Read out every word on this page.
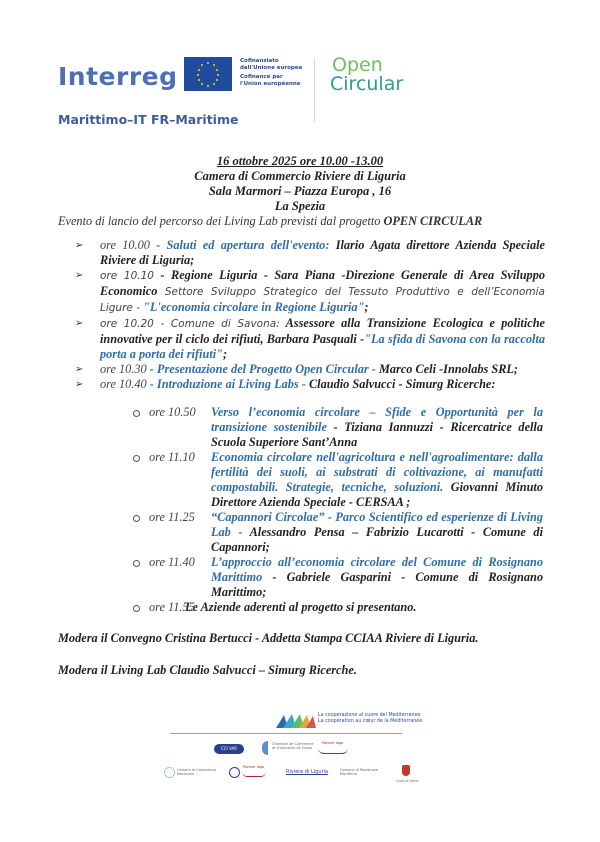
Interreg
Cofinanziato
dall'Unione europea
Cofinancé par
l'Union européenne
Open
Circular
Marittimo–IT FR–Maritime
16 ottobre 2025 ore 10.00 -13.00
Camera di Commercio Riviere di Liguria
Sala Marmori – Piazza Europa , 16
La Spezia
Evento di lancio del percorso dei Living Lab previsti dal progetto OPEN CIRCULAR
➢ ore 10.00 - Saluti ed apertura dell'evento: Ilario Agata direttore Azienda Speciale Riviere di Liguria;
➢ ore 10.10 - Regione Liguria - Sara Piana -Direzione Generale di Area Sviluppo Economico Settore Sviluppo Strategico del Tessuto Produttivo e dell’Economia Ligure - "L'economia circolare in Regione Liguria";
➢ ore 10.20 - Comune di Savona: Assessore alla Transizione Ecologica e politiche innovative per il ciclo dei rifiuti, Barbara Pasquali -"La sfida di Savona con la raccolta porta a porta dei rifiuti";
➢ ore 10.30 - Presentazione del Progetto Open Circular - Marco Celi -Innolabs SRL;
➢ ore 10.40 - Introduzione ai Living Labs - Claudio Salvucci - Simurg Ricerche:
ore 10.50 Verso l’economia circolare – Sfide e Opportunità per la transizione sostenibile - Tiziana Iannuzzi - Ricercatrice della Scuola Superiore Sant’Anna
ore 11.10 Economia circolare nell'agricoltura e nell'agroalimentare: dalla fertilità dei suoli, ai substrati di coltivazione, ai manufatti compostabili. Strategie, tecniche, soluzioni. Giovanni Minuto Direttore Azienda Speciale - CERSAA ;
ore 11.25 “Capannori Circolae” - Parco Scientifico ed esperienze di Living Lab - Alessandro Pensa – Fabrizio Lucarotti - Comune di Capannori;
ore 11.40 L’approccio all’economia circolare del Comune di Rosignano Marittimo - Gabriele Gasparini - Comune di Rosignano Marittimo;
ore 11.55
Le Aziende aderenti al progetto si presentano.
Modera il Convegno Cristina Bertucci - Addetta Stampa CCIAA Riviere di Liguria.
Modera il Living Lab Claudio Salvucci – Simurg Ricerche.
La cooperazione al cuore del Mediterraneo
La coopération au cœur de la Méditerranée
CCI VAR
Chambre de Commerce et d'Industrie de Corse
Partner logo
Camera di Commercio Nazionale
Partner logo
Riviere di Liguria	Comune di Rosignano Marittimo
Coat of arms
